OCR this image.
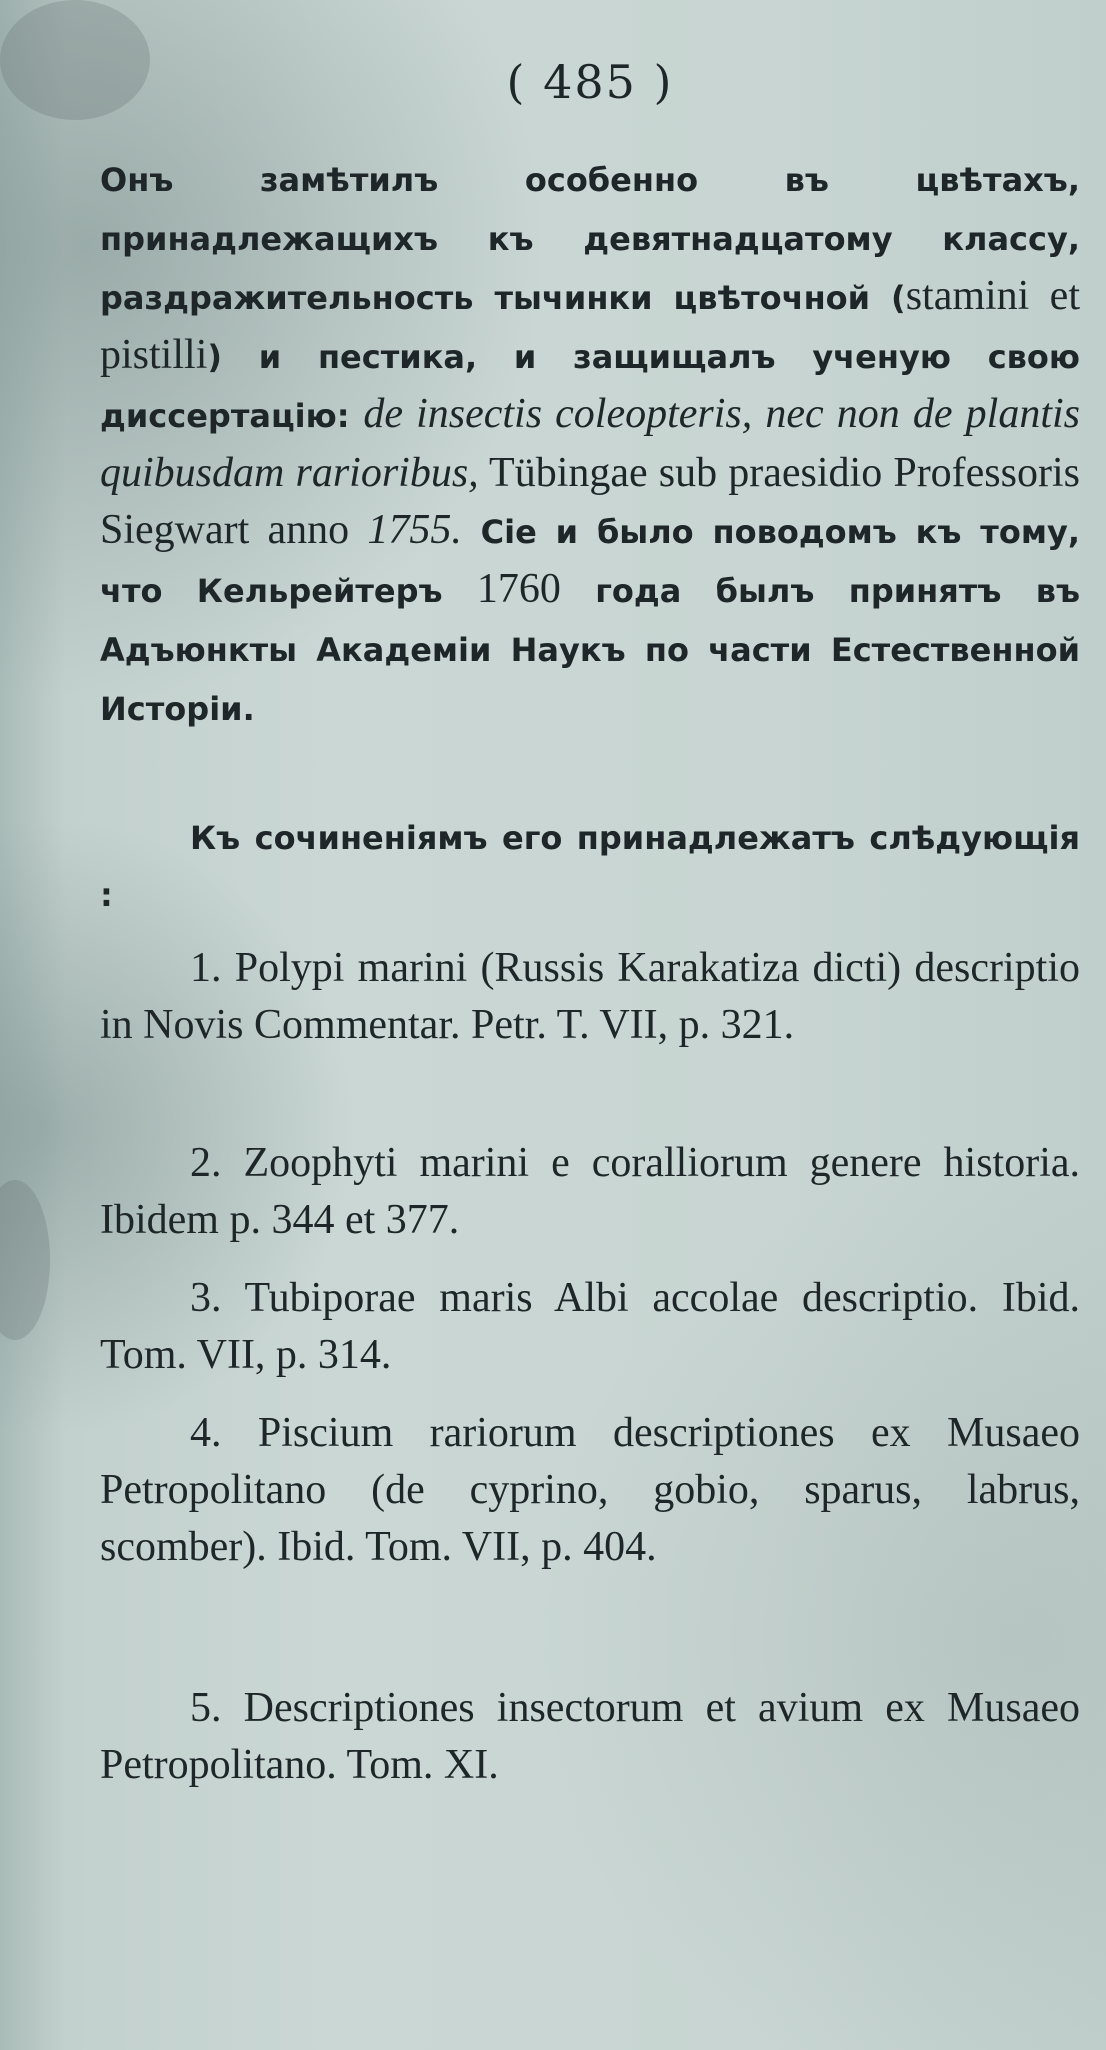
( 485 )

Онъ замѣтилъ особенно въ цвѣтахъ, принадлежащихъ къ девятнадцатому классу, раздражительность тычинки цвѣточной (stamini et pistilli) и пестика, и защищалъ ученую свою диссертацію: de insectis coleopteris, nec non de plantis quibusdam rarioribus, Tübingae sub praesidio Professoris Siegwart anno 1755. Сіе и было поводомъ къ тому, что Кельрейтеръ 1760 года былъ принятъ въ Адъюнкты Академіи Наукъ по части Естественной Исторіи.

Къ сочиненіямъ его принадлежатъ слѣдующія :

1. Polypi marini (Russis Karakatiza dicti) descriptio in Novis Commentar. Petr. T. VII, p. 321.

2. Zoophyti marini e coralliorum genere historia. Ibidem p. 344 et 377.

3. Tubiporae maris Albi accolae descriptio. Ibid. Tom. VII, p. 314.

4. Piscium rariorum descriptiones ex Musaeo Petropolitano (de cyprino, gobio, sparus, labrus, scomber). Ibid. Tom. VII, p. 404.

5. Descriptiones insectorum et avium ex Musaeo Petropolitano. Tom. XI.
